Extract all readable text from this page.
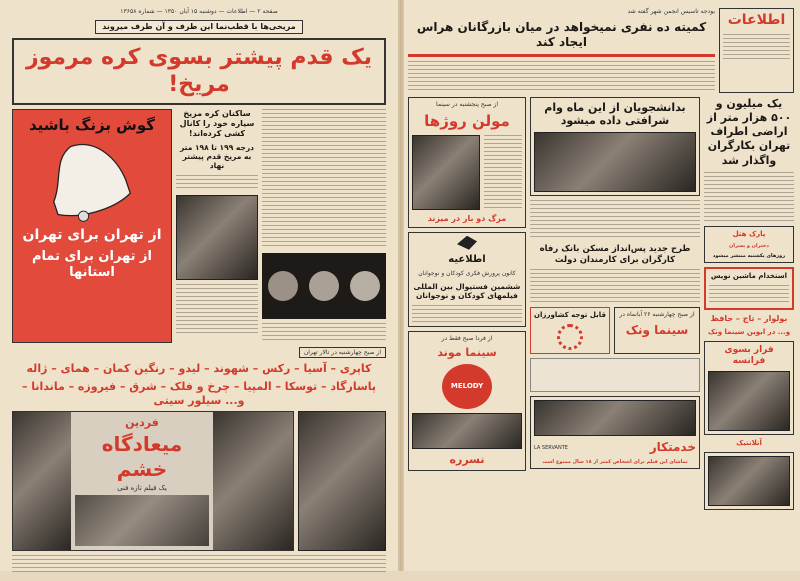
صفحه ۲ — اطلاعات — دوشنبه ۱۵ آبان ۱۳۵۰ — شماره ۱۳۶۵۸
مریخی‌ها با قطب‌نما این طرف و آن طرف میروند
یک قدم پیشتر بسوی کره مرموز مریخ!
گوش بزنگ باشید
از تهران برای تهران
از تهران برای تمام استانها
ساکنان کره مریخ سیاره خود را کانال کشی کرده‌اند!
درجه ۱۹۹ تا ۱۹۸ متر به مریخ قدم پیشتر نهاد
از صبح چهارشنبه در تالار تهران
کاپری – آسیا – رکس – شهوند – لیدو – رنگین کمان – همای – ژاله
پاسارگاد – توسکا – المپیا – چرخ و فلک – شرق – فیروزه – ماندانا – و... سیلور سیتی
فردین
میعادگاه خشم
یک فیلم تازه فنی
بودجه تاسیس انجمن شهر گفته شد
کمیته ده نفری نمیخواهد در میان بازرگانان هراس ایجاد کند
اطلاعات
از صبح پنجشنبه در سینما
مولن روژها
مرگ دو بار در میزند
اطلاعیه
کانون پرورش فکری کودکان و نوجوانان
ششمین فستیوال بین المللی فیلمهای کودکان و نوجوانان
از فردا صبح فقط در
سینما موند
MELODY
نسرره
بدانشجویان از این ماه وام شرافتی داده میشود
طرح جدید پس‌انداز مسکن بانک رفاه کارگران برای کارمندان دولت
قابل توجه کشاورزان از صبح چهارشنبه ۲۶ آبانماه در
سینما ونک
LA SERVANTE	خدمتکار
تماشای این فیلم برای اشخاص کمتر از ۱۸ سال ممنوع است
یک میلیون و ۵۰۰ هزار متر از اراضی اطراف تهران بکارگران واگذار شد
پارک هتل
دختران و پسران
روزهای یکشنبه منتشر میشود
استخدام ماشین نویس
بولوار – تاج – حافظ
و... در ابوین سینما ونک
فرار بسوی فرانسه
آتلانتیک
